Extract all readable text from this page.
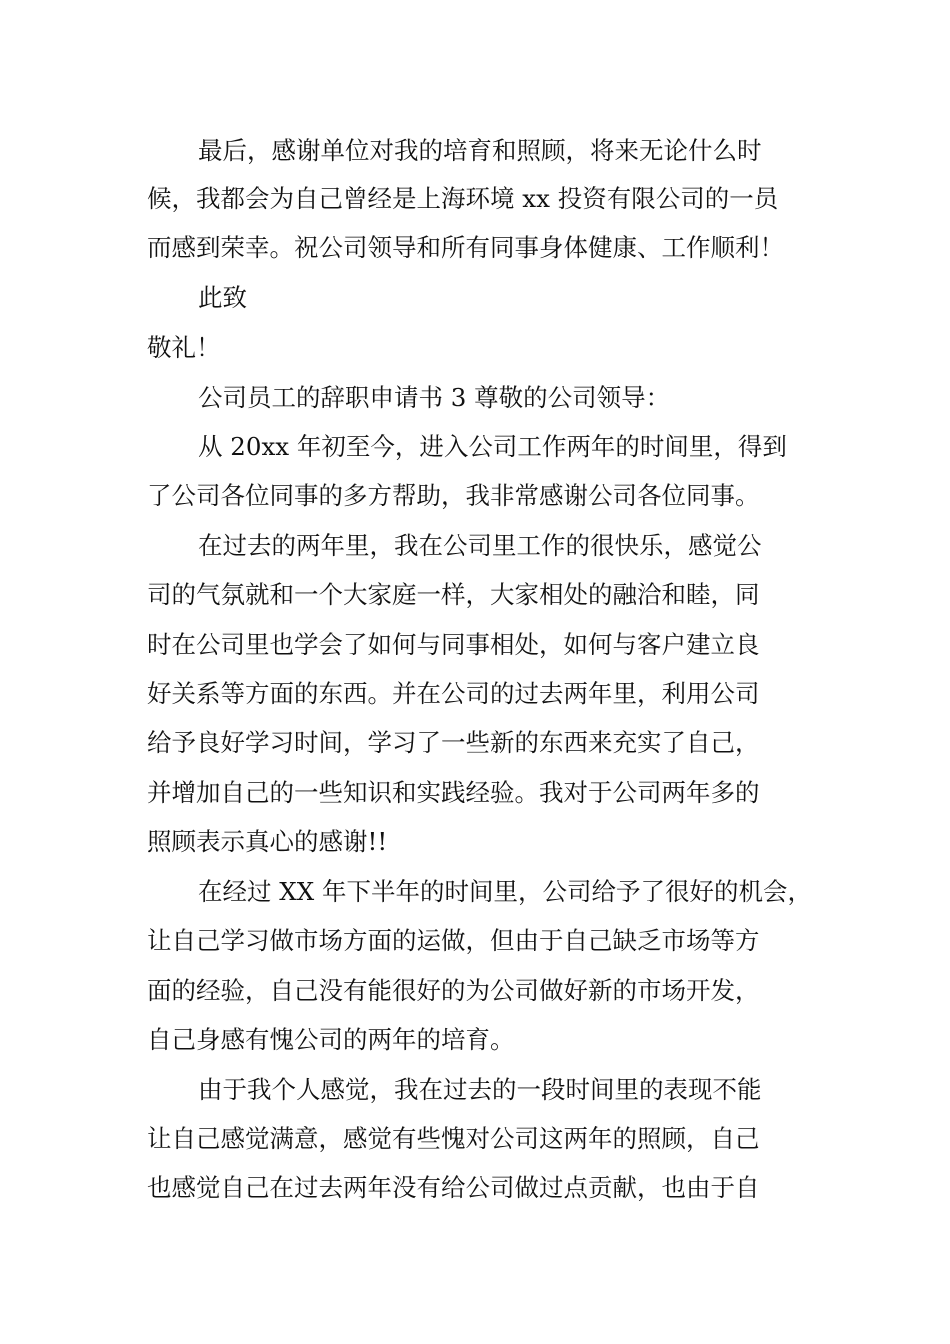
最后，感谢单位对我的培育和照顾，将来无论什么时
候，我都会为自己曾经是上海环境 xx 投资有限公司的一员
而感到荣幸。祝公司领导和所有同事身体健康、工作顺利！
此致
敬礼！
公司员工的辞职申请书 3 尊敬的公司领导：
从 20xx 年初至今，进入公司工作两年的时间里，得到
了公司各位同事的多方帮助，我非常感谢公司各位同事。
在过去的两年里，我在公司里工作的很快乐，感觉公
司的气氛就和一个大家庭一样，大家相处的融洽和睦，同
时在公司里也学会了如何与同事相处，如何与客户建立良
好关系等方面的东西。并在公司的过去两年里，利用公司
给予良好学习时间，学习了一些新的东西来充实了自己，
并增加自己的一些知识和实践经验。我对于公司两年多的
照顾表示真心的感谢!!
在经过 XX 年下半年的时间里，公司给予了很好的机会，
让自己学习做市场方面的运做，但由于自己缺乏市场等方
面的经验，自己没有能很好的为公司做好新的市场开发，
自己身感有愧公司的两年的培育。
由于我个人感觉，我在过去的一段时间里的表现不能
让自己感觉满意，感觉有些愧对公司这两年的照顾，自己
也感觉自己在过去两年没有给公司做过点贡献，也由于自
